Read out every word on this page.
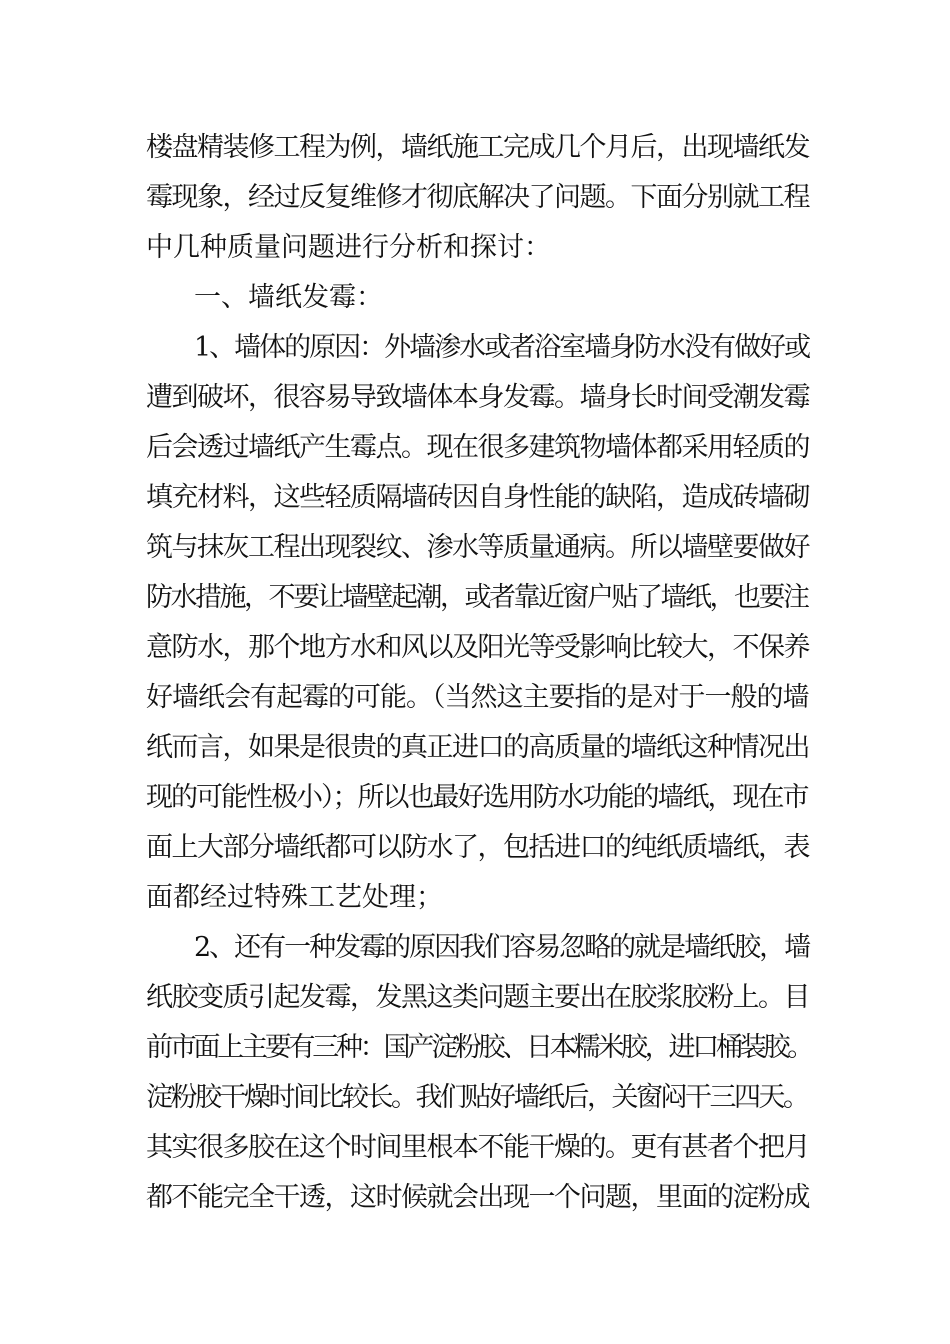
楼盘精装修工程为例，墙纸施工完成几个月后，出现墙纸发
霉现象，经过反复维修才彻底解决了问题。下面分别就工程
中几种质量问题进行分析和探讨：
一、墙纸发霉：
1、墙体的原因：外墙渗水或者浴室墙身防水没有做好或
遭到破坏，很容易导致墙体本身发霉。墙身长时间受潮发霉
后会透过墙纸产生霉点。现在很多建筑物墙体都采用轻质的
填充材料，这些轻质隔墙砖因自身性能的缺陷，造成砖墙砌
筑与抹灰工程出现裂纹、渗水等质量通病。所以墙壁要做好
防水措施，不要让墙壁起潮，或者靠近窗户贴了墙纸，也要注
意防水，那个地方水和风以及阳光等受影响比较大，不保养
好墙纸会有起霉的可能。（当然这主要指的是对于一般的墙
纸而言，如果是很贵的真正进口的高质量的墙纸这种情况出
现的可能性极小）；所以也最好选用防水功能的墙纸，现在市
面上大部分墙纸都可以防水了，包括进口的纯纸质墙纸，表
面都经过特殊工艺处理；
2、还有一种发霉的原因我们容易忽略的就是墙纸胶，墙
纸胶变质引起发霉，发黑这类问题主要出在胶浆胶粉上。目
前市面上主要有三种：国产淀粉胶、日本糯米胶，进口桶装胶。
淀粉胶干燥时间比较长。我们贴好墙纸后，关窗闷干三四天。
其实很多胶在这个时间里根本不能干燥的。更有甚者个把月
都不能完全干透，这时候就会出现一个问题，里面的淀粉成
